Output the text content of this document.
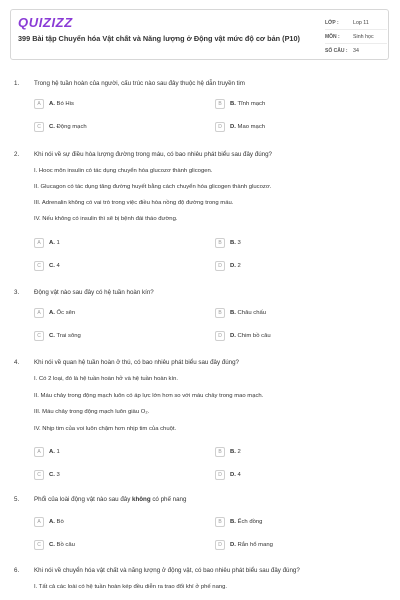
QUIZIZZ
399 Bài tập Chuyển hóa Vật chất và Năng lượng ở Động vật mức độ cơ bản (P10)
LỚP :	Lop 11
MÔN :	Sinh học
SỐ CÂU :	34
1. Trong hệ tuần hoàn của người, cấu trúc nào sau đây thuộc hệ dẫn truyền tim
A	A. Bó His	B	B. Tĩnh mạch
C	C. Động mạch	D	D. Mao mạch
2. Khi nói về sự điều hòa lượng đường trong máu, có bao nhiêu phát biểu sau đây đúng?
I. Hooc môn insulin có tác dụng chuyển hóa glucozơ thành glicogen.
II. Glucagon có tác dụng tăng đường huyết bằng cách chuyển hóa glicogen thành glucozơ.
III. Adrenalin không có vai trò trong việc điều hòa nồng độ đường trong máu.
IV. Nếu không có insulin thì sẽ bị bệnh đái tháo đường.
A	A. 1	B	B. 3
C	C. 4	D	D. 2
3. Động vật nào sau đây có hệ tuần hoàn kín?
A	A. Ốc sên	B	B. Châu chấu
C	C. Trai sông	D	D. Chim bồ câu
4. Khi nói về quan hệ tuần hoàn ở thú, có bao nhiêu phát biểu sau đây đúng?
I. Có 2 loại, đó là hệ tuần hoàn hở và hệ tuần hoàn kín.
II. Máu chảy trong động mạch luôn có áp lực lớn hơn so với máu chảy trong mao mạch.
III. Máu chảy trong động mạch luôn giàu O₂.
IV. Nhịp tim của voi luôn chậm hơn nhịp tim của chuột.
A	A. 1	B	B. 2
C	C. 3	D	D. 4
5. Phổi của loài động vật nào sau đây không có phế nang
A	A. Bò	B	B. Ếch đồng
C	C. Bồ câu	D	D. Rắn hổ mang
6. Khi nói về chuyển hóa vật chất và năng lượng ở động vật, có bao nhiêu phát biểu sau đây đúng?
I. Tất cả các loài có hệ tuần hoàn kép đều diễn ra trao đổi khí ở phế nang.
